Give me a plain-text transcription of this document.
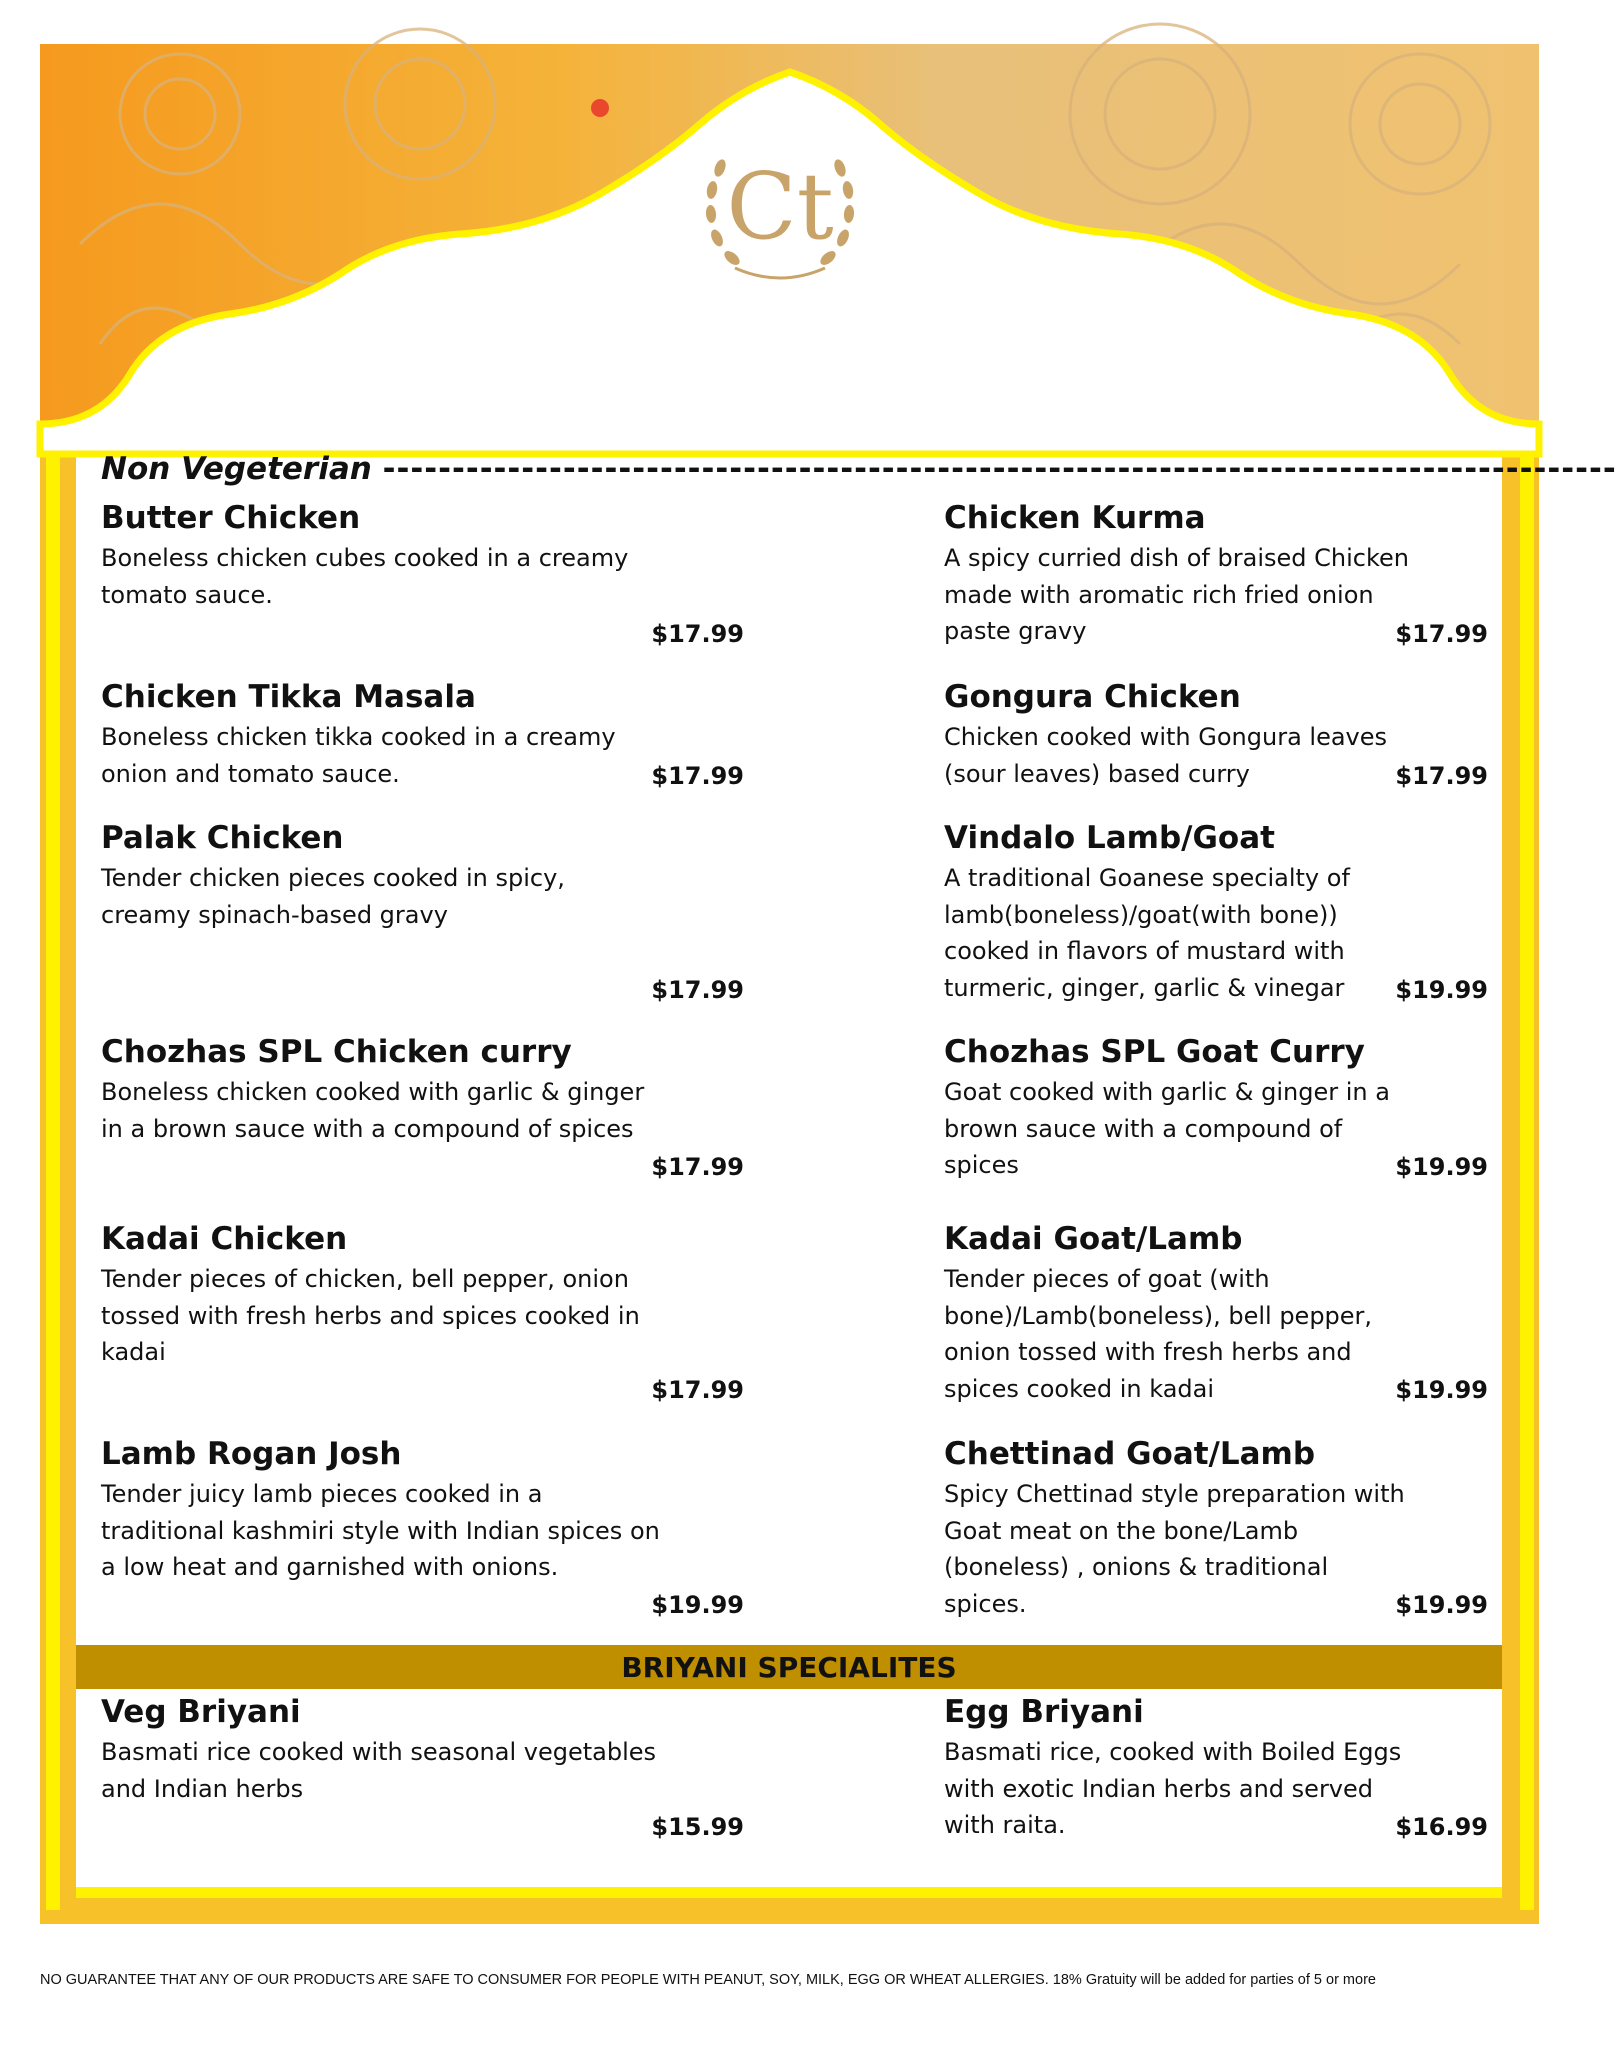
Ct
Non Vegeterian -----------------------------------------------------------------------------------------
Butter Chicken
Boneless chicken cubes cooked in a creamy tomato sauce.
$17.99
Chicken Tikka Masala
Boneless chicken tikka cooked in a creamy onion and tomato sauce.	$17.99
Palak Chicken
Tender chicken pieces cooked in spicy, creamy spinach-based gravy
$17.99
Chozhas SPL Chicken curry
Boneless chicken cooked with garlic & ginger in a brown sauce with a compound of spices
$17.99
Kadai Chicken
Tender pieces of chicken, bell pepper, onion tossed with fresh herbs and spices cooked in kadai
$17.99
Lamb Rogan Josh
Tender juicy lamb pieces cooked in a traditional kashmiri style with Indian spices on a low heat and garnished with onions.
$19.99
Chicken Kurma
A spicy curried dish of braised Chicken made with aromatic rich fried onion paste gravy	$17.99
Gongura Chicken
Chicken cooked with Gongura leaves (sour leaves) based curry	$17.99
Vindalo Lamb/Goat
A traditional Goanese specialty of lamb(boneless)/goat(with bone)) cooked in flavors of mustard with turmeric, ginger, garlic & vinegar	$19.99
Chozhas SPL Goat Curry
Goat cooked with garlic & ginger in a brown sauce with a compound of spices	$19.99
Kadai Goat/Lamb
Tender pieces of goat (with bone)/Lamb(boneless), bell pepper, onion tossed with fresh herbs and spices cooked in kadai	$19.99
Chettinad Goat/Lamb
Spicy Chettinad style preparation with Goat meat on the bone/Lamb (boneless) , onions & traditional spices.	$19.99
BRIYANI SPECIALITES
Veg Briyani
Basmati rice cooked with seasonal vegetables and Indian herbs
$15.99
Egg Briyani
Basmati rice, cooked with Boiled Eggs with exotic Indian herbs and served with raita.	$16.99
NO GUARANTEE THAT ANY OF OUR PRODUCTS ARE SAFE TO CONSUMER FOR PEOPLE WITH PEANUT, SOY, MILK, EGG OR WHEAT ALLERGIES. 18% Gratuity will be added for parties of 5 or more
